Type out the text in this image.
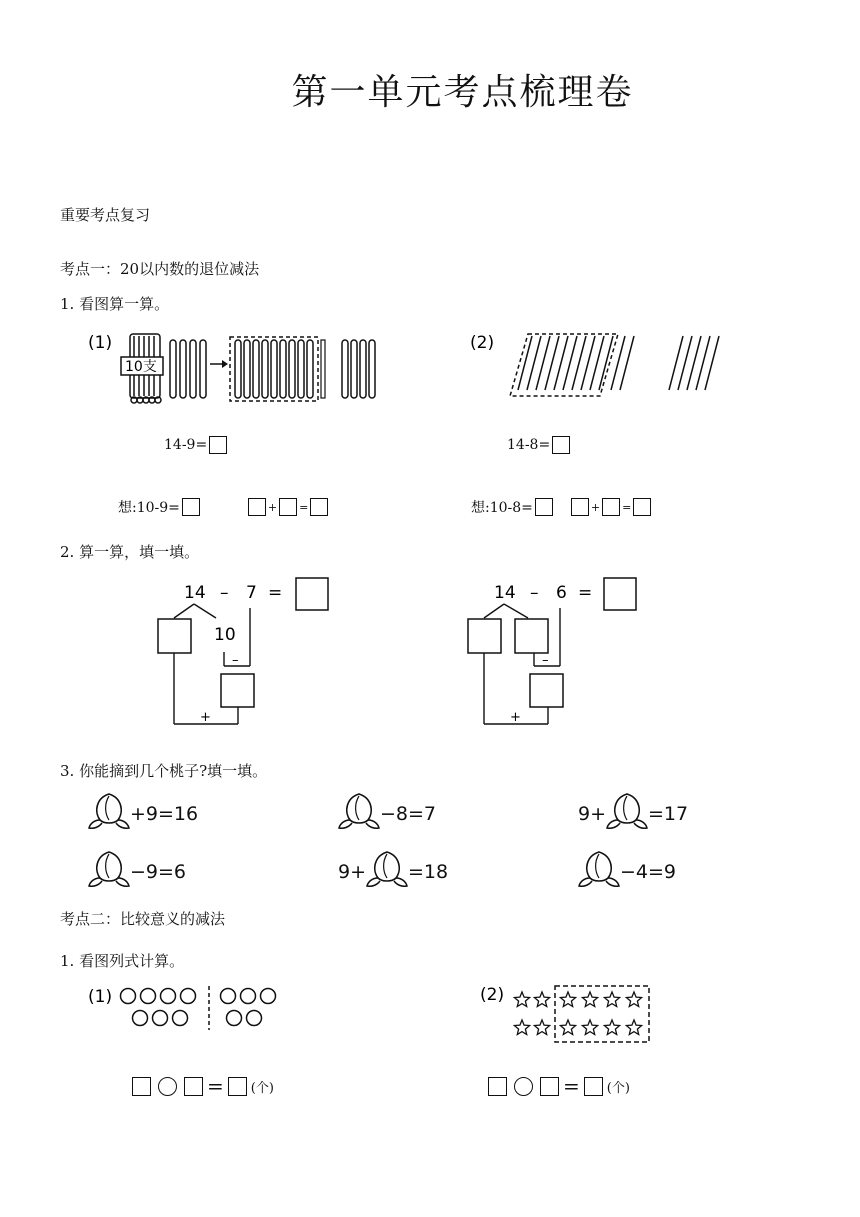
第一单元考点梳理卷
重要考点复习
考点一：20以内数的退位减法
1. 看图算一算。
(1)
10支
(2)
14-9=	14-8=
想:10-9=	+ =	想:10-8=	+ =
2. 算一算，填一填。
14 – 7 =
10
–
+
14 – 6 =
–
+
3. 你能摘到几个桃子?填一填。
+9=16	−8=7	9+ =17
−9=6	9+ =18	−4=9
考点二：比较意义的减法
1. 看图列式计算。
(1)	(2)
= (个)	= (个)
